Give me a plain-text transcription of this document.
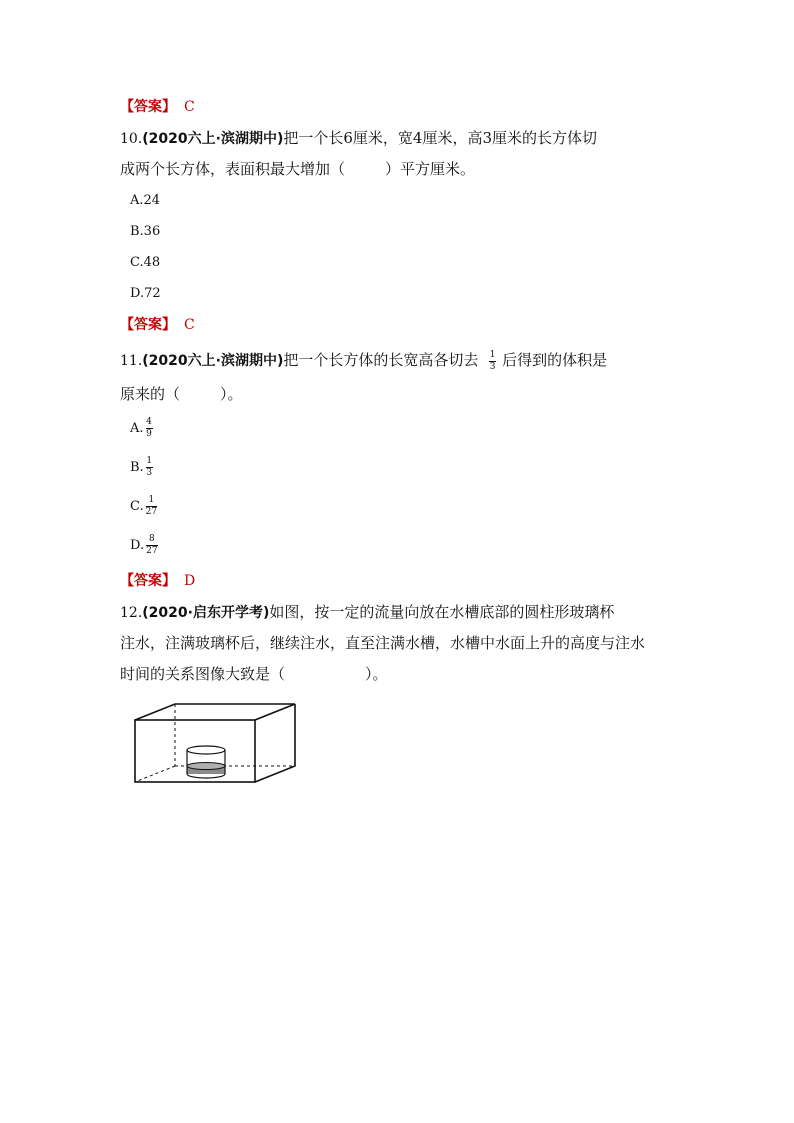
【答案】 C
10.(2020六上·滨湖期中)把一个长6厘米，宽4厘米，高3厘米的长方体切
成两个长方体，表面积最大增加（	）平方厘米。
A.24
B.36
C.48
D.72
【答案】 C
11.(2020六上·滨湖期中)把一个长方体的长宽高各切去 $\frac{1}{3}$ 后得到的体积是
原来的（	）。
A. $\frac{4}{9}$
B. $\frac{1}{3}$
C. $\frac{1}{27}$
D. $\frac{8}{27}$
【答案】 D
12.(2020·启东开学考)如图，按一定的流量向放在水槽底部的圆柱形玻璃杯
注水，注满玻璃杯后，继续注水，直至注满水槽，水槽中水面上升的高度与注水
时间的关系图像大致是（	）。
